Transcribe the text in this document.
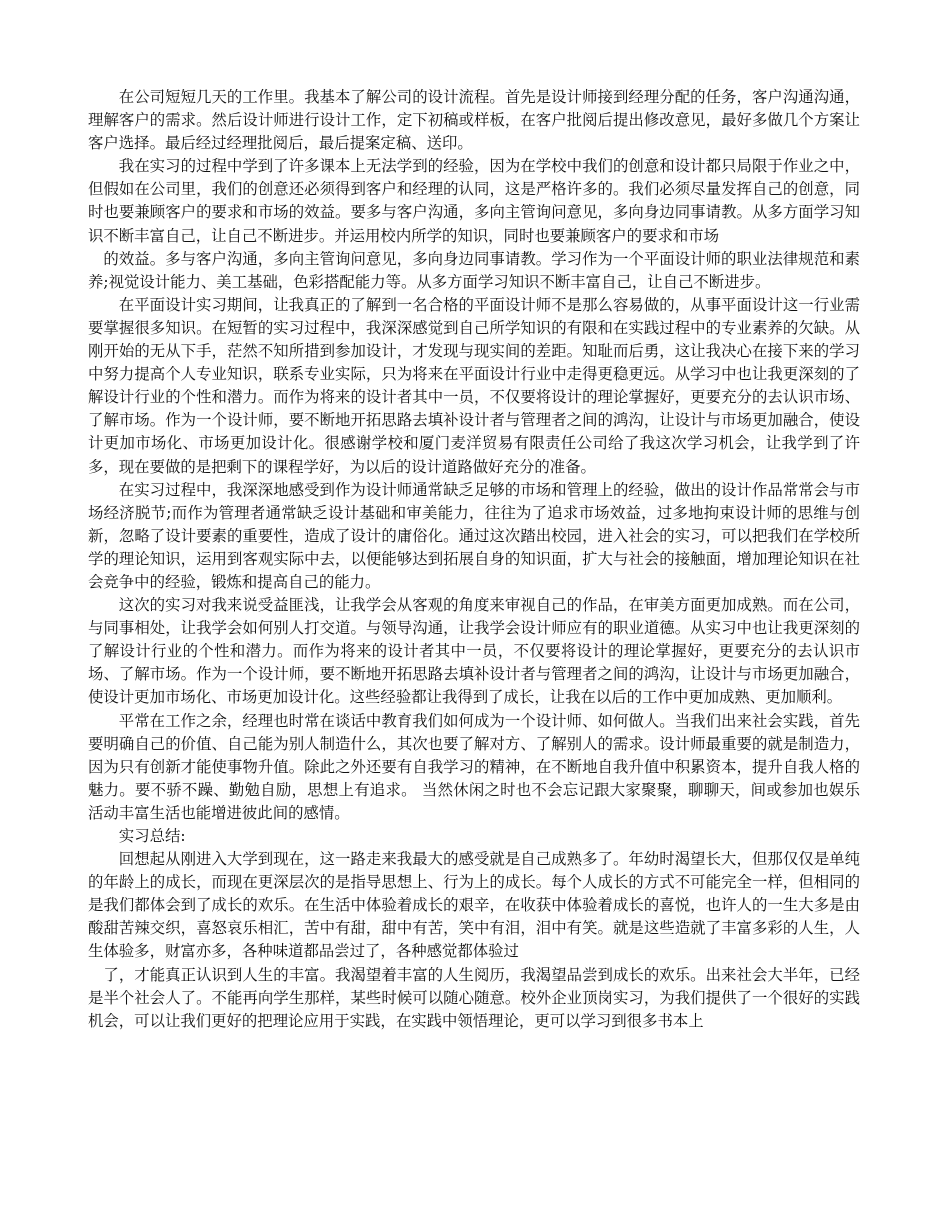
在公司短短几天的工作里。我基本了解公司的设计流程。首先是设计师接到经理分配的任务，客户沟通沟通，理解客户的需求。然后设计师进行设计工作，定下初稿或样板，在客户批阅后提出修改意见，最好多做几个方案让客户选择。最后经过经理批阅后，最后提案定稿、送印。

我在实习的过程中学到了许多课本上无法学到的经验，因为在学校中我们的创意和设计都只局限于作业之中，但假如在公司里，我们的创意还必须得到客户和经理的认同，这是严格许多的。我们必须尽量发挥自己的创意，同时也要兼顾客户的要求和市场的效益。要多与客户沟通，多向主管询问意见，多向身边同事请教。从多方面学习知识不断丰富自己，让自己不断进步。并运用校内所学的知识，同时也要兼顾客户的要求和市场

的效益。多与客户沟通，多向主管询问意见，多向身边同事请教。学习作为一个平面设计师的职业法律规范和素养;视觉设计能力、美工基础，色彩搭配能力等。从多方面学习知识不断丰富自己，让自己不断进步。

在平面设计实习期间，让我真正的了解到一名合格的平面设计师不是那么容易做的，从事平面设计这一行业需要掌握很多知识。在短暂的实习过程中，我深深感觉到自己所学知识的有限和在实践过程中的专业素养的欠缺。从刚开始的无从下手，茫然不知所措到参加设计，才发现与现实间的差距。知耻而后勇，这让我决心在接下来的学习中努力提高个人专业知识，联系专业实际，只为将来在平面设计行业中走得更稳更远。从学习中也让我更深刻的了解设计行业的个性和潜力。而作为将来的设计者其中一员，不仅要将设计的理论掌握好，更要充分的去认识市场、了解市场。作为一个设计师，要不断地开拓思路去填补设计者与管理者之间的鸿沟，让设计与市场更加融合，使设计更加市场化、市场更加设计化。很感谢学校和厦门麦洋贸易有限责任公司给了我这次学习机会，让我学到了许多，现在要做的是把剩下的课程学好，为以后的设计道路做好充分的准备。

在实习过程中，我深深地感受到作为设计师通常缺乏足够的市场和管理上的经验，做出的设计作品常常会与市场经济脱节;而作为管理者通常缺乏设计基础和审美能力，往往为了追求市场效益，过多地拘束设计师的思维与创新，忽略了设计要素的重要性，造成了设计的庸俗化。通过这次踏出校园，进入社会的实习，可以把我们在学校所学的理论知识，运用到客观实际中去，以便能够达到拓展自身的知识面，扩大与社会的接触面，增加理论知识在社会竞争中的经验，锻炼和提高自己的能力。

这次的实习对我来说受益匪浅，让我学会从客观的角度来审视自己的作品，在审美方面更加成熟。而在公司，与同事相处，让我学会如何别人打交道。与领导沟通，让我学会设计师应有的职业道德。从实习中也让我更深刻的了解设计行业的个性和潜力。而作为将来的设计者其中一员，不仅要将设计的理论掌握好，更要充分的去认识市场、了解市场。作为一个设计师，要不断地开拓思路去填补设计者与管理者之间的鸿沟，让设计与市场更加融合，使设计更加市场化、市场更加设计化。这些经验都让我得到了成长，让我在以后的工作中更加成熟、更加顺利。

平常在工作之余，经理也时常在谈话中教育我们如何成为一个设计师、如何做人。当我们出来社会实践，首先要明确自己的价值、自己能为别人制造什么，其次也要了解对方、了解别人的需求。设计师最重要的就是制造力，因为只有创新才能使事物升值。除此之外还要有自我学习的精神，在不断地自我升值中积累资本，提升自我人格的魅力。要不骄不躁、勤勉自励，思想上有追求。 当然休闲之时也不会忘记跟大家聚聚，聊聊天，间或参加也娱乐活动丰富生活也能增进彼此间的感情。

实习总结:

回想起从刚进入大学到现在，这一路走来我最大的感受就是自己成熟多了。年幼时渴望长大，但那仅仅是单纯的年龄上的成长，而现在更深层次的是指导思想上、行为上的成长。每个人成长的方式不可能完全一样，但相同的是我们都体会到了成长的欢乐。在生活中体验着成长的艰辛，在收获中体验着成长的喜悦，也许人的一生大多是由酸甜苦辣交织，喜怒哀乐相汇，苦中有甜，甜中有苦，笑中有泪，泪中有笑。就是这些造就了丰富多彩的人生，人生体验多，财富亦多，各种味道都品尝过了，各种感觉都体验过

了，才能真正认识到人生的丰富。我渴望着丰富的人生阅历，我渴望品尝到成长的欢乐。出来社会大半年，已经是半个社会人了。不能再向学生那样，某些时候可以随心随意。校外企业顶岗实习，为我们提供了一个很好的实践机会，可以让我们更好的把理论应用于实践，在实践中领悟理论，更可以学习到很多书本上
